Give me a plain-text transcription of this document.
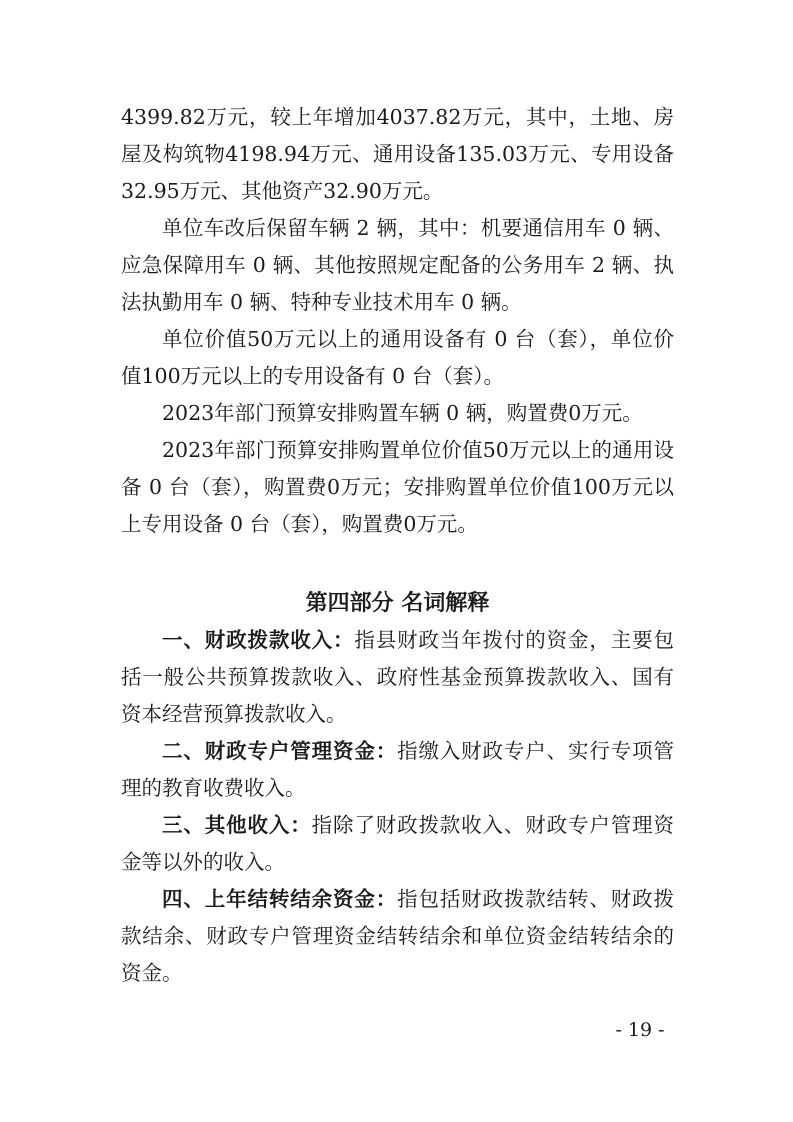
4399.82万元，较上年增加4037.82万元，其中，土地、房屋及构筑物4198.94万元、通用设备135.03万元、专用设备32.95万元、其他资产32.90万元。

单位车改后保留车辆 2 辆，其中：机要通信用车 0 辆、应急保障用车 0 辆、其他按照规定配备的公务用车 2 辆、执法执勤用车 0 辆、特种专业技术用车 0 辆。

单位价值50万元以上的通用设备有 0 台（套），单位价值100万元以上的专用设备有 0 台（套）。

2023年部门预算安排购置车辆 0 辆，购置费0万元。

2023年部门预算安排购置单位价值50万元以上的通用设备 0 台（套），购置费0万元；安排购置单位价值100万元以上专用设备 0 台（套），购置费0万元。

第四部分 名词解释

一、财政拨款收入：指县财政当年拨付的资金，主要包括一般公共预算拨款收入、政府性基金预算拨款收入、国有资本经营预算拨款收入。

二、财政专户管理资金：指缴入财政专户、实行专项管理的教育收费收入。

三、其他收入：指除了财政拨款收入、财政专户管理资金等以外的收入。

四、上年结转结余资金：指包括财政拨款结转、财政拨款结余、财政专户管理资金结转结余和单位资金结转结余的资金。

- 19 -
